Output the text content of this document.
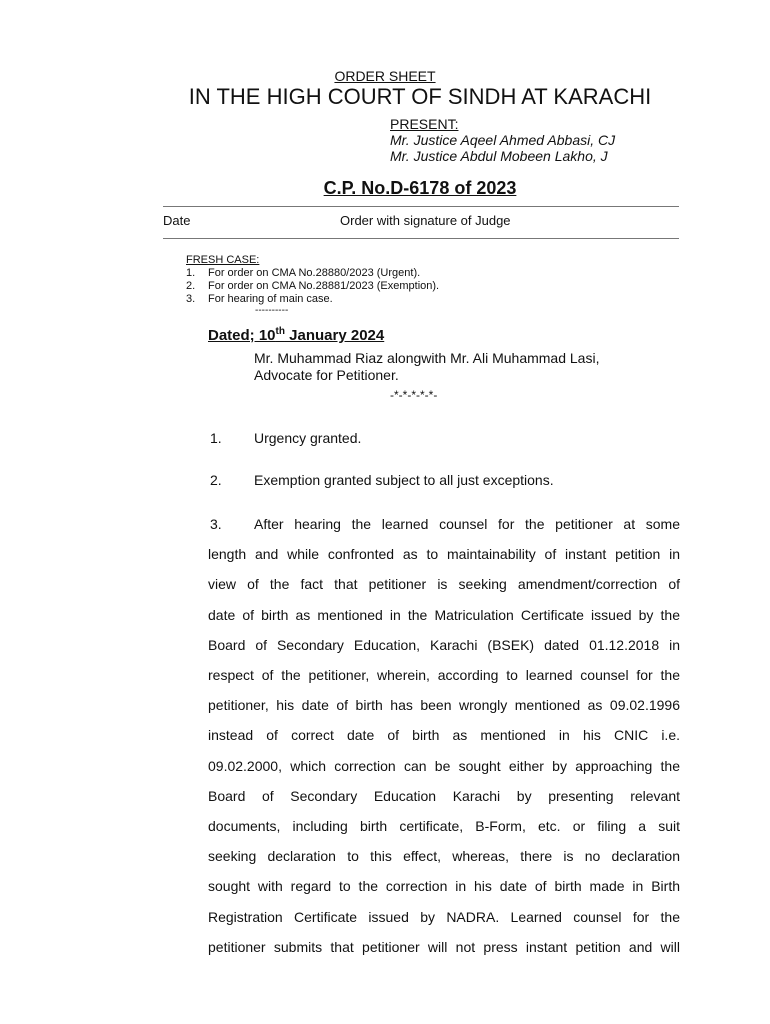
ORDER SHEET
IN THE HIGH COURT OF SINDH AT KARACHI
PRESENT:
Mr. Justice Aqeel Ahmed Abbasi, CJ
Mr. Justice Abdul Mobeen Lakho, J
C.P. No.D-6178 of 2023
Date	Order with signature of Judge
FRESH CASE:
1. For order on CMA No.28880/2023 (Urgent).
2. For order on CMA No.28881/2023 (Exemption).
3. For hearing of main case.
----------
Dated; 10th January 2024
Mr. Muhammad Riaz alongwith Mr. Ali Muhammad Lasi,
Advocate for Petitioner.
-*-*-*-*-*-
1. Urgency granted.
2. Exemption granted subject to all just exceptions.
3. After hearing the learned counsel for the petitioner at some
length and while confronted as to maintainability of instant petition in
view of the fact that petitioner is seeking amendment/correction of
date of birth as mentioned in the Matriculation Certificate issued by the
Board of Secondary Education, Karachi (BSEK) dated 01.12.2018 in
respect of the petitioner, wherein, according to learned counsel for the
petitioner, his date of birth has been wrongly mentioned as 09.02.1996
instead of correct date of birth as mentioned in his CNIC i.e.
09.02.2000, which correction can be sought either by approaching the
Board of Secondary Education Karachi by presenting relevant
documents, including birth certificate, B-Form, etc. or filing a suit
seeking declaration to this effect, whereas, there is no declaration
sought with regard to the correction in his date of birth made in Birth
Registration Certificate issued by NADRA. Learned counsel for the
petitioner submits that petitioner will not press instant petition and will
